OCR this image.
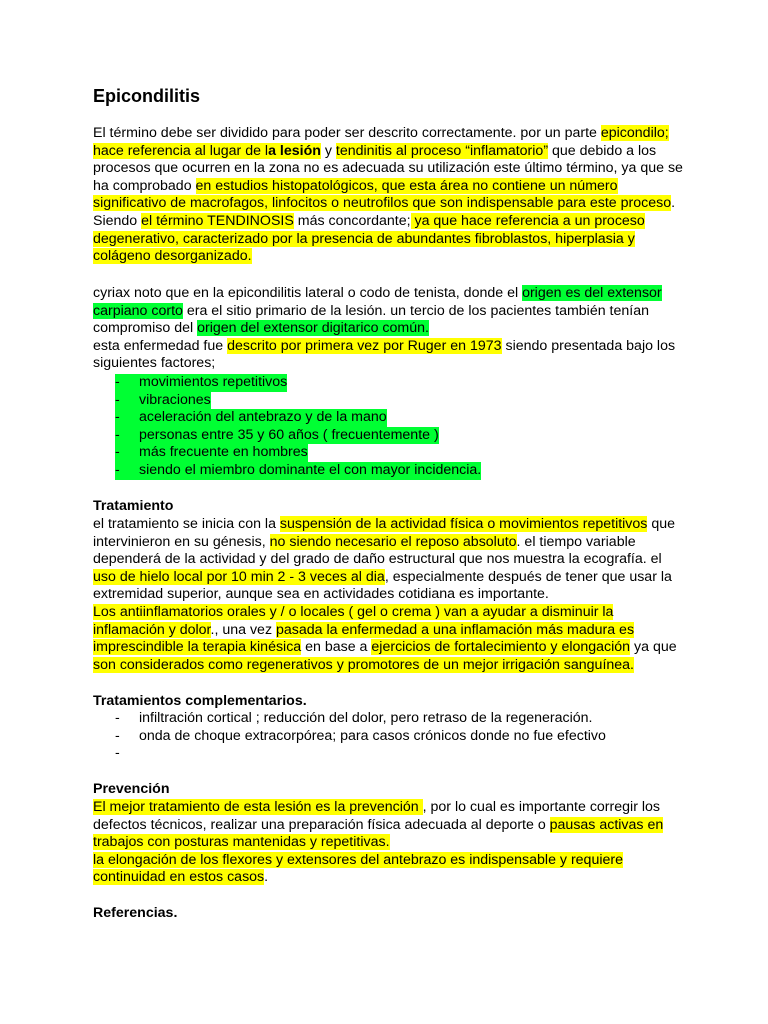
Epicondilitis

El término debe ser dividido para poder ser descrito correctamente. por un parte epicondilo; hace referencia al lugar de la lesión y tendinitis al proceso “inflamatorio” que debido a los procesos que ocurren en la zona no es adecuada su utilización este último término, ya que se ha comprobado en estudios histopatológicos, que esta área no contiene un número significativo de macrofagos, linfocitos o neutrofilos que son indispensable para este proceso. Siendo el término TENDINOSIS más concordante; ya que hace referencia a un proceso degenerativo, caracterizado por la presencia de abundantes fibroblastos, hiperplasia y colágeno desorganizado.

cyriax noto que en la epicondilitis lateral o codo de tenista, donde el origen es del extensor carpiano corto era el sitio primario de la lesión. un tercio de los pacientes también tenían compromiso del origen del extensor digitarico común.
esta enfermedad fue descrito por primera vez por Ruger en 1973 siendo presentada bajo los siguientes factores;

-	movimientos repetitivos
-	vibraciones
-	aceleración del antebrazo y de la mano
-	personas entre 35 y 60 años ( frecuentemente )
-	más frecuente en hombres
-	siendo el miembro dominante el con mayor incidencia.
Tratamiento

el tratamiento se inicia con la suspensión de la actividad física o movimientos repetitivos que intervinieron en su génesis, no siendo necesario el reposo absoluto. el tiempo variable dependerá de la actividad y del grado de daño estructural que nos muestra la ecografía. el uso de hielo local por 10 min 2 - 3 veces al dia, especialmente después de tener que usar la extremidad superior, aunque sea en actividades cotidiana es importante.
Los antiinflamatorios orales y / o locales ( gel o crema ) van a ayudar a disminuir la inflamación y dolor., una vez pasada la enfermedad a una inflamación más madura es imprescindible la terapia kinésica en base a ejercicios de fortalecimiento y elongación ya que son considerados como regenerativos y promotores de un mejor irrigación sanguínea.

Tratamientos complementarios.
-	infiltración cortical ; reducción del dolor, pero retraso de la regeneración.
-	onda de choque extracorpórea; para casos crónicos donde no fue efectivo
-
Prevención

El mejor tratamiento de esta lesión es la prevención , por lo cual es importante corregir los defectos técnicos, realizar una preparación física adecuada al deporte o pausas activas en trabajos con posturas mantenidas y repetitivas.
la elongación de los flexores y extensores del antebrazo es indispensable y requiere continuidad en estos casos.

Referencias.
